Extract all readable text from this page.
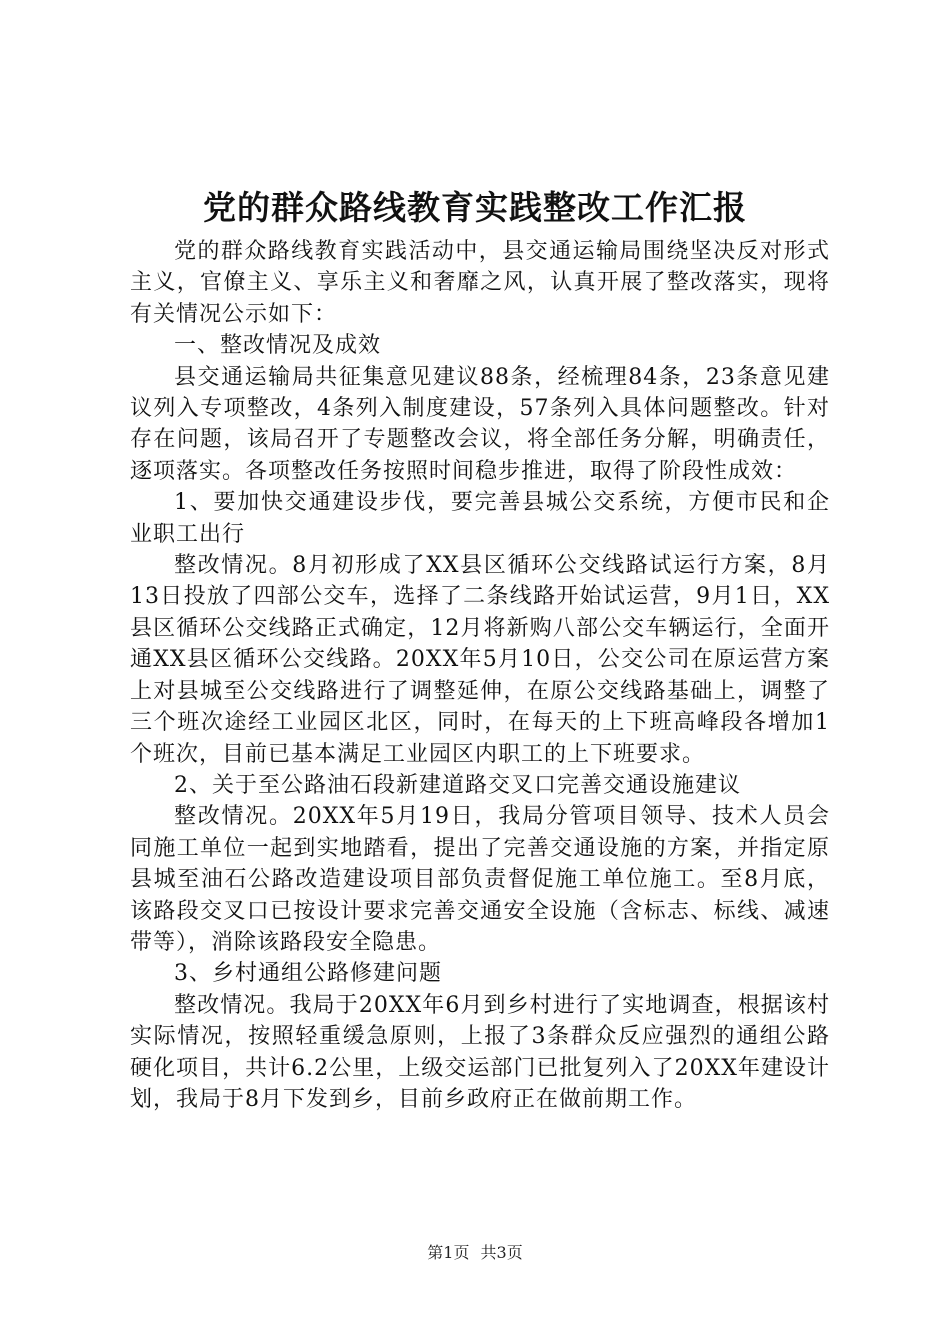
党的群众路线教育实践整改工作汇报

党的群众路线教育实践活动中，县交通运输局围绕坚决反对形式主义，官僚主义、享乐主义和奢靡之风，认真开展了整改落实，现将有关情况公示如下：

一、整改情况及成效

县交通运输局共征集意见建议88条，经梳理84条，23条意见建议列入专项整改，4条列入制度建设，57条列入具体问题整改。针对存在问题，该局召开了专题整改会议，将全部任务分解，明确责任，逐项落实。各项整改任务按照时间稳步推进，取得了阶段性成效：

1、要加快交通建设步伐，要完善县城公交系统，方便市民和企业职工出行

整改情况。8月初形成了XX县区循环公交线路试运行方案，8月13日投放了四部公交车，选择了二条线路开始试运营，9月1日，XX县区循环公交线路正式确定，12月将新购八部公交车辆运行，全面开通XX县区循环公交线路。20XX年5月10日，公交公司在原运营方案上对县城至公交线路进行了调整延伸，在原公交线路基础上，调整了三个班次途经工业园区北区，同时，在每天的上下班高峰段各增加1个班次，目前已基本满足工业园区内职工的上下班要求。

2、关于至公路油石段新建道路交叉口完善交通设施建议

整改情况。20XX年5月19日，我局分管项目领导、技术人员会同施工单位一起到实地踏看，提出了完善交通设施的方案，并指定原县城至油石公路改造建设项目部负责督促施工单位施工。至8月底，该路段交叉口已按设计要求完善交通安全设施（含标志、标线、减速带等），消除该路段安全隐患。

3、乡村通组公路修建问题

整改情况。我局于20XX年6月到乡村进行了实地调查，根据该村实际情况，按照轻重缓急原则，上报了3条群众反应强烈的通组公路硬化项目，共计6.2公里，上级交运部门已批复列入了20XX年建设计划，我局于8月下发到乡，目前乡政府正在做前期工作。

第1页 共3页
